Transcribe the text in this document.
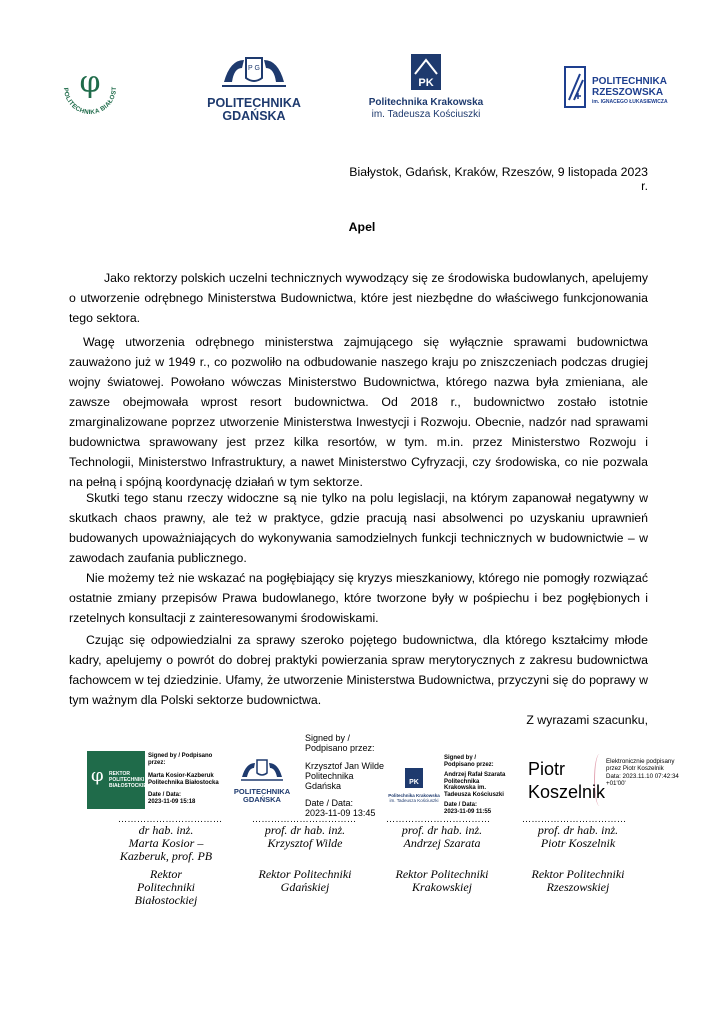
POLITECHNIKA BIAŁOST
φ	P G
POLITECHNIKA
GDAŃSKA
PK
Politechnika Krakowska
im. Tadeusza Kościuszki
POLITECHNIKA
RZESZOWSKA
im. IGNACEGO ŁUKASIEWICZA
Białystok, Gdańsk, Kraków, Rzeszów, 9 listopada 2023 r.
Apel
Jako rektorzy polskich uczelni technicznych wywodzący się ze środowiska budowlanych, apelujemy o utworzenie odrębnego Ministerstwa Budownictwa, które jest niezbędne do właściwego funkcjonowania tego sektora.
Wagę utworzenia odrębnego ministerstwa zajmującego się wyłącznie sprawami budownictwa zauważono już w 1949 r., co pozwoliło na odbudowanie naszego kraju po zniszczeniach podczas drugiej wojny światowej. Powołano wówczas Ministerstwo Budownictwa, którego nazwa była zmieniana, ale zawsze obejmowała wprost resort budownictwa. Od 2018 r., budownictwo zostało istotnie zmarginalizowane poprzez utworzenie Ministerstwa Inwestycji i Rozwoju. Obecnie, nadzór nad sprawami budownictwa sprawowany jest przez kilka resortów, w tym. m.in. przez Ministerstwo Rozwoju i Technologii, Ministerstwo Infrastruktury, a nawet Ministerstwo Cyfryzacji, czy środowiska, co nie pozwala na pełną i spójną koordynację działań w tym sektorze.
Skutki tego stanu rzeczy widoczne są nie tylko na polu legislacji, na którym zapanował negatywny w skutkach chaos prawny, ale też w praktyce, gdzie pracują nasi absolwenci po uzyskaniu uprawnień budowanych upoważniających do wykonywania samodzielnych funkcji technicznych w budownictwie – w zawodach zaufania publicznego.
Nie możemy też nie wskazać na pogłębiający się kryzys mieszkaniowy, którego nie pomogły rozwiązać ostatnie zmiany przepisów Prawa budowlanego, które tworzone były w pośpiechu i bez pogłębionych i rzetelnych konsultacji z zainteresowanymi środowiskami.
Czując się odpowiedzialni za sprawy szeroko pojętego budownictwa, dla którego kształcimy młode kadry, apelujemy o powrót do dobrej praktyki powierzania spraw merytorycznych z zakresu budownictwa fachowcem w tej dziedzinie. Ufamy, że utworzenie Ministerstwa Budownictwa, przyczyni się do poprawy w tym ważnym dla Polski sektorze budownictwa.
Z wyrazami szacunku,
φ REKTOR
POLITECHNIKI
BIAŁOSTOCKIEJ
Signed by / Podpisano przez:
Marta Kosior-Kazberuk Politechnika Białostocka
Date / Data:
2023-11-09 15:18
POLITECHNIKA
GDAŃSKA
Signed by /
Podpisano przez:
Krzysztof Jan Wilde
Politechnika
Gdańska
Date / Data:
2023-11-09 13:45
PK
Politechnika Krakowska
im. Tadeusza Kościuszki
Signed by / Podpisano przez:
Andrzej Rafał Szarata Politechnika Krakowska im. Tadeusza Kościuszki
Date / Data:
2023-11-09 11:55
Piotr
Koszelnik
Elektronicznie podpisany przez Piotr Koszelnik
Data: 2023.11.10 07:42:34 +01'00'
……………………………	……………………………	……………………………	……………………………
dr hab. inż.
Marta Kosior – Kazberuk, prof. PB
Rektor Politechniki Białostockiej
prof. dr hab. inż.
Krzysztof Wilde
Rektor Politechniki Gdańskiej
prof. dr hab. inż.
Andrzej Szarata
Rektor Politechniki Krakowskiej
prof. dr hab. inż.
Piotr Koszelnik
Rektor Politechniki Rzeszowskiej
